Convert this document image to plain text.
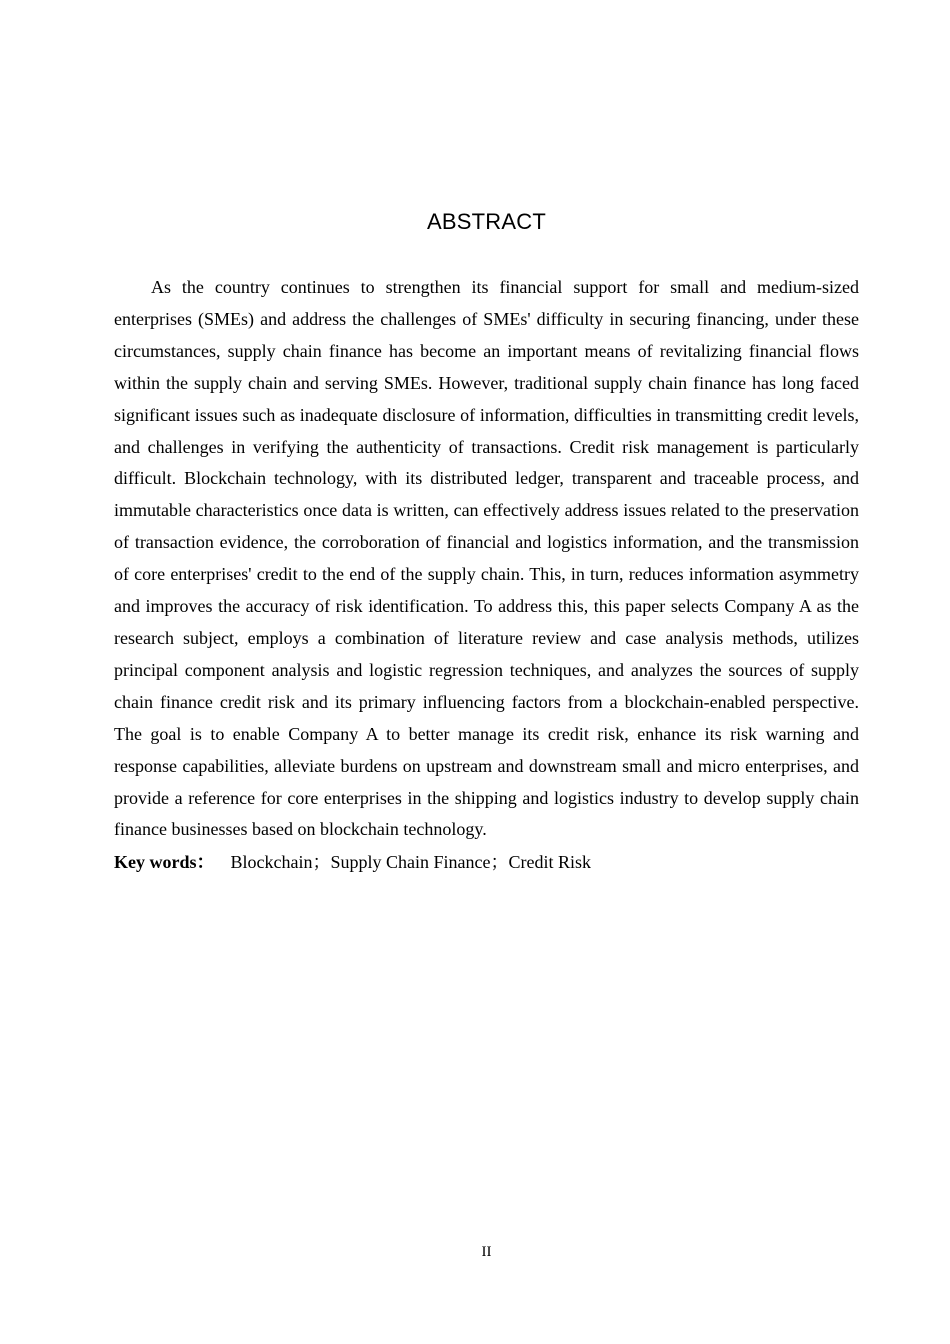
ABSTRACT

As the country continues to strengthen its financial support for small and medium-sized enterprises (SMEs) and address the challenges of SMEs' difficulty in securing financing, under these circumstances, supply chain finance has become an important means of revitalizing financial flows within the supply chain and serving SMEs. However, traditional supply chain finance has long faced significant issues such as inadequate disclosure of information, difficulties in transmitting credit levels, and challenges in verifying the authenticity of transactions. Credit risk management is particularly difficult. Blockchain technology, with its distributed ledger, transparent and traceable process, and immutable characteristics once data is written, can effectively address issues related to the preservation of transaction evidence, the corroboration of financial and logistics information, and the transmission of core enterprises' credit to the end of the supply chain. This, in turn, reduces information asymmetry and improves the accuracy of risk identification. To address this, this paper selects Company A as the research subject, employs a combination of literature review and case analysis methods, utilizes principal component analysis and logistic regression techniques, and analyzes the sources of supply chain finance credit risk and its primary influencing factors from a blockchain-enabled perspective. The goal is to enable Company A to better manage its credit risk, enhance its risk warning and response capabilities, alleviate burdens on upstream and downstream small and micro enterprises, and provide a reference for core enterprises in the shipping and logistics industry to develop supply chain finance businesses based on blockchain technology.

Key words： Blockchain；Supply Chain Finance；Credit Risk
II
